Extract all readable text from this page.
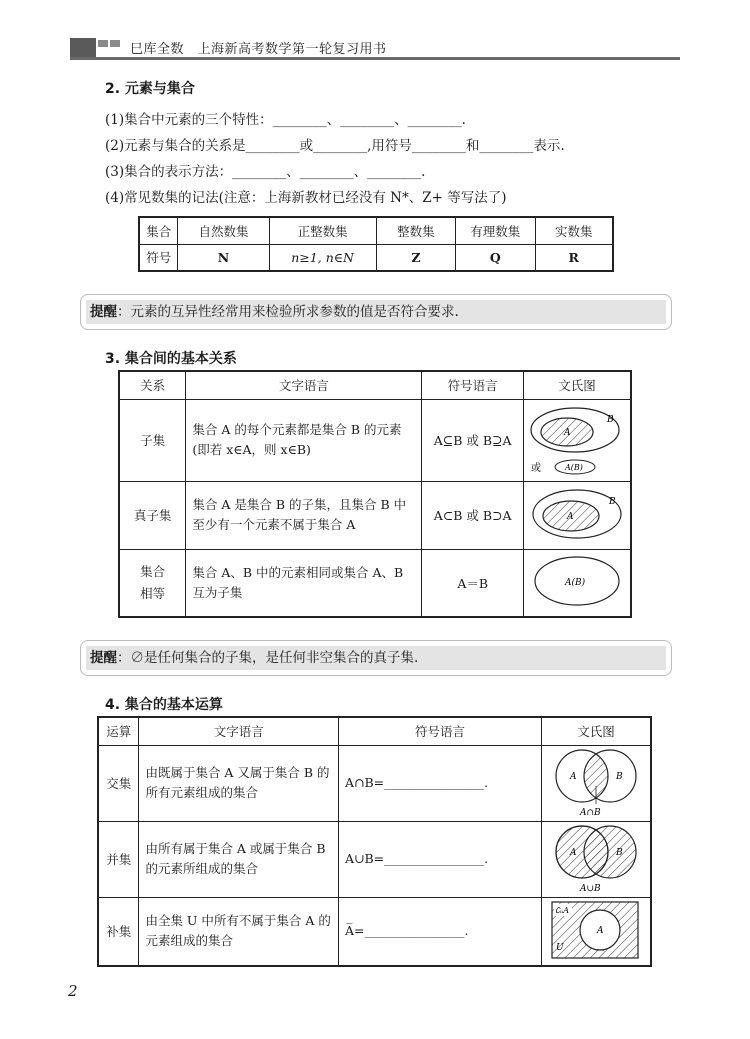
巳库全数　上海新高考数学第一轮复习用书
2. 元素与集合
(1)集合中元素的三个特性：________、________、________.
(2)元素与集合的关系是________或________,用符号________和________表示.
(3)集合的表示方法：________、________、________.
(4)常见数集的记法(注意：上海新教材已经没有 N*、Z+ 等写法了)
集合	自然数集	正整数集	整数集	有理数集	实数集
符号	N	n≥1, n∈N	Z	Q	R
提醒：元素的互异性经常用来检验所求参数的值是否符合要求.
3. 集合间的基本关系
关系	文字语言	符号语言	文氏图
子集	集合 A 的每个元素都是集合 B 的元素(即若 x∈A，则 x∈B)	A⊆B 或 B⊇A	B
A
或 A(B)

真子集	集合 A 是集合 B 的子集，且集合 B 中至少有一个元素不属于集合 A	A⊂B 或 B⊃A	B
A

集合相等	集合 A、B 中的元素相同或集合 A、B 互为子集	A＝B	A(B)
提醒：∅是任何集合的子集，是任何非空集合的真子集.
4. 集合的基本运算
运算	文字语言	符号语言	文氏图
交集	由既属于集合 A 又属于集合 B 的所有元素组成的集合	A∩B=________________.	A B
A∩B

并集	由所有属于集合 A 或属于集合 B 的元素所组成的集合	A∪B=________________.	A B
A∪B

补集	由全集 U 中所有不属于集合 A 的元素组成的集合	A̅=________________.	∁ᵤA
A
U
2
